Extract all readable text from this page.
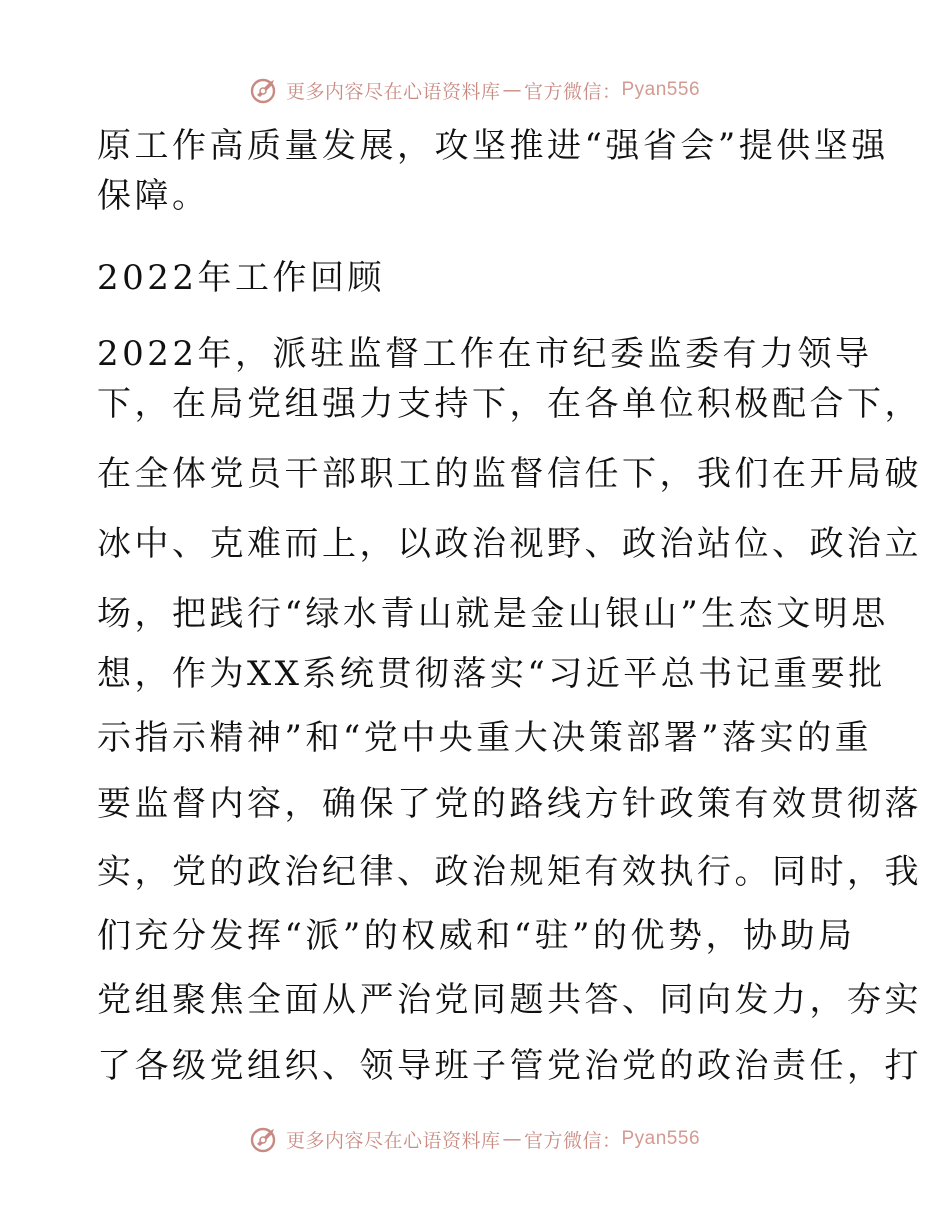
更多内容尽在心语资料库 — 官方微信： Pyan556
原工作高质量发展，攻坚推进“强省会”提供坚强
保障。
2022年工作回顾
2022年，派驻监督工作在市纪委监委有力领导
下，在局党组强力支持下，在各单位积极配合下，
在全体党员干部职工的监督信任下，我们在开局破
冰中、克难而上，以政治视野、政治站位、政治立
场，把践行“绿水青山就是金山银山”生态文明思
想，作为XX系统贯彻落实“习近平总书记重要批
示指示精神”和“党中央重大决策部署”落实的重
要监督内容，确保了党的路线方针政策有效贯彻落
实，党的政治纪律、政治规矩有效执行。同时，我
们充分发挥“派”的权威和“驻”的优势，协助局
党组聚焦全面从严治党同题共答、同向发力，夯实
了各级党组织、领导班子管党治党的政治责任，打
更多内容尽在心语资料库 — 官方微信： Pyan556
